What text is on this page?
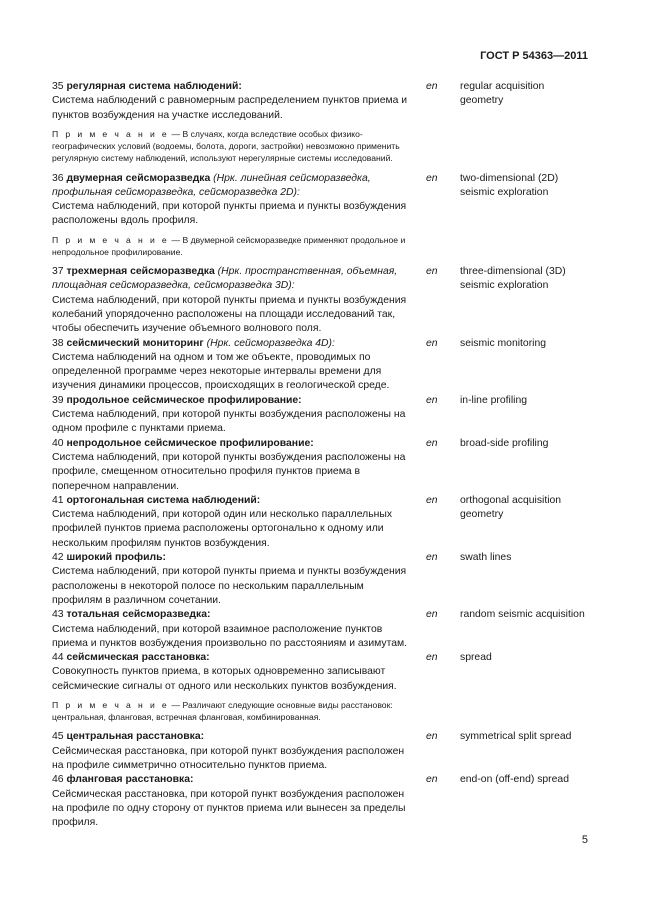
ГОСТ Р 54363—2011

35 регулярная система наблюдений:

Система наблюдений с равномерным распределением пунктов приема и пунктов возбуждения на участке исследований.

en	regular acquisition geometry
П р и м е ч а н и е — В случаях, когда вследствие особых физико-географических условий (водоемы, болота, дороги, застройки) невозможно применить регулярную систему наблюдений, используют нерегулярные системы исследований.

36 двумерная сейсморазведка (Нрк. линейная сейсморазведка, профильная сейсморазведка, сейсморазведка 2D):

Система наблюдений, при которой пункты приема и пункты возбуждения расположены вдоль профиля.

en	two-dimensional (2D) seismic exploration
П р и м е ч а н и е — В двумерной сейсморазведке применяют продольное и непродольное профилирование.

37 трехмерная сейсморазведка (Нрк. пространственная, объемная, площадная сейсморазведка, сейсморазведка 3D):

Система наблюдений, при которой пункты приема и пункты возбуждения колебаний упорядоченно расположены на площади исследований так, чтобы обеспечить изучение объемного волнового поля.

en	three-dimensional (3D) seismic exploration

38 сейсмический мониторинг (Нрк. сейсморазведка 4D):

Система наблюдений на одном и том же объекте, проводимых по определенной программе через некоторые интервалы времени для изучения динамики процессов, происходящих в геологической среде.

en	seismic monitoring

39 продольное сейсмическое профилирование:

Система наблюдений, при которой пункты возбуждения расположены на одном профиле с пунктами приема.

en	in-line profiling

40 непродольное сейсмическое профилирование:

Система наблюдений, при которой пункты возбуждения расположены на профиле, смещенном относительно профиля пунктов приема в поперечном направлении.

en	broad-side profiling

41 ортогональная система наблюдений:

Система наблюдений, при которой один или несколько параллельных профилей пунктов приема расположены ортогонально к одному или нескольким профилям пунктов возбуждения.

en	orthogonal acquisition geometry

42 широкий профиль:

Система наблюдений, при которой пункты приема и пункты возбуждения расположены в некоторой полосе по нескольким параллельным профилям в различном сочетании.

en	swath lines

43 тотальная сейсморазведка:

Система наблюдений, при которой взаимное расположение пунктов приема и пунктов возбуждения произвольно по расстояниям и азимутам.

en	random seismic acquisition

44 сейсмическая расстановка:

Совокупность пунктов приема, в которых одновременно записывают сейсмические сигналы от одного или нескольких пунктов возбуждения.

en	spread
П р и м е ч а н и е — Различают следующие основные виды расстановок: центральная, фланговая, встречная фланговая, комбинированная.

45 центральная расстановка:

Сейсмическая расстановка, при которой пункт возбуждения расположен на профиле симметрично относительно пунктов приема.

en	symmetrical split spread

46 фланговая расстановка:

Сейсмическая расстановка, при которой пункт возбуждения расположен на профиле по одну сторону от пунктов приема или вынесен за пределы профиля.

en	end-on (off-end) spread
5
